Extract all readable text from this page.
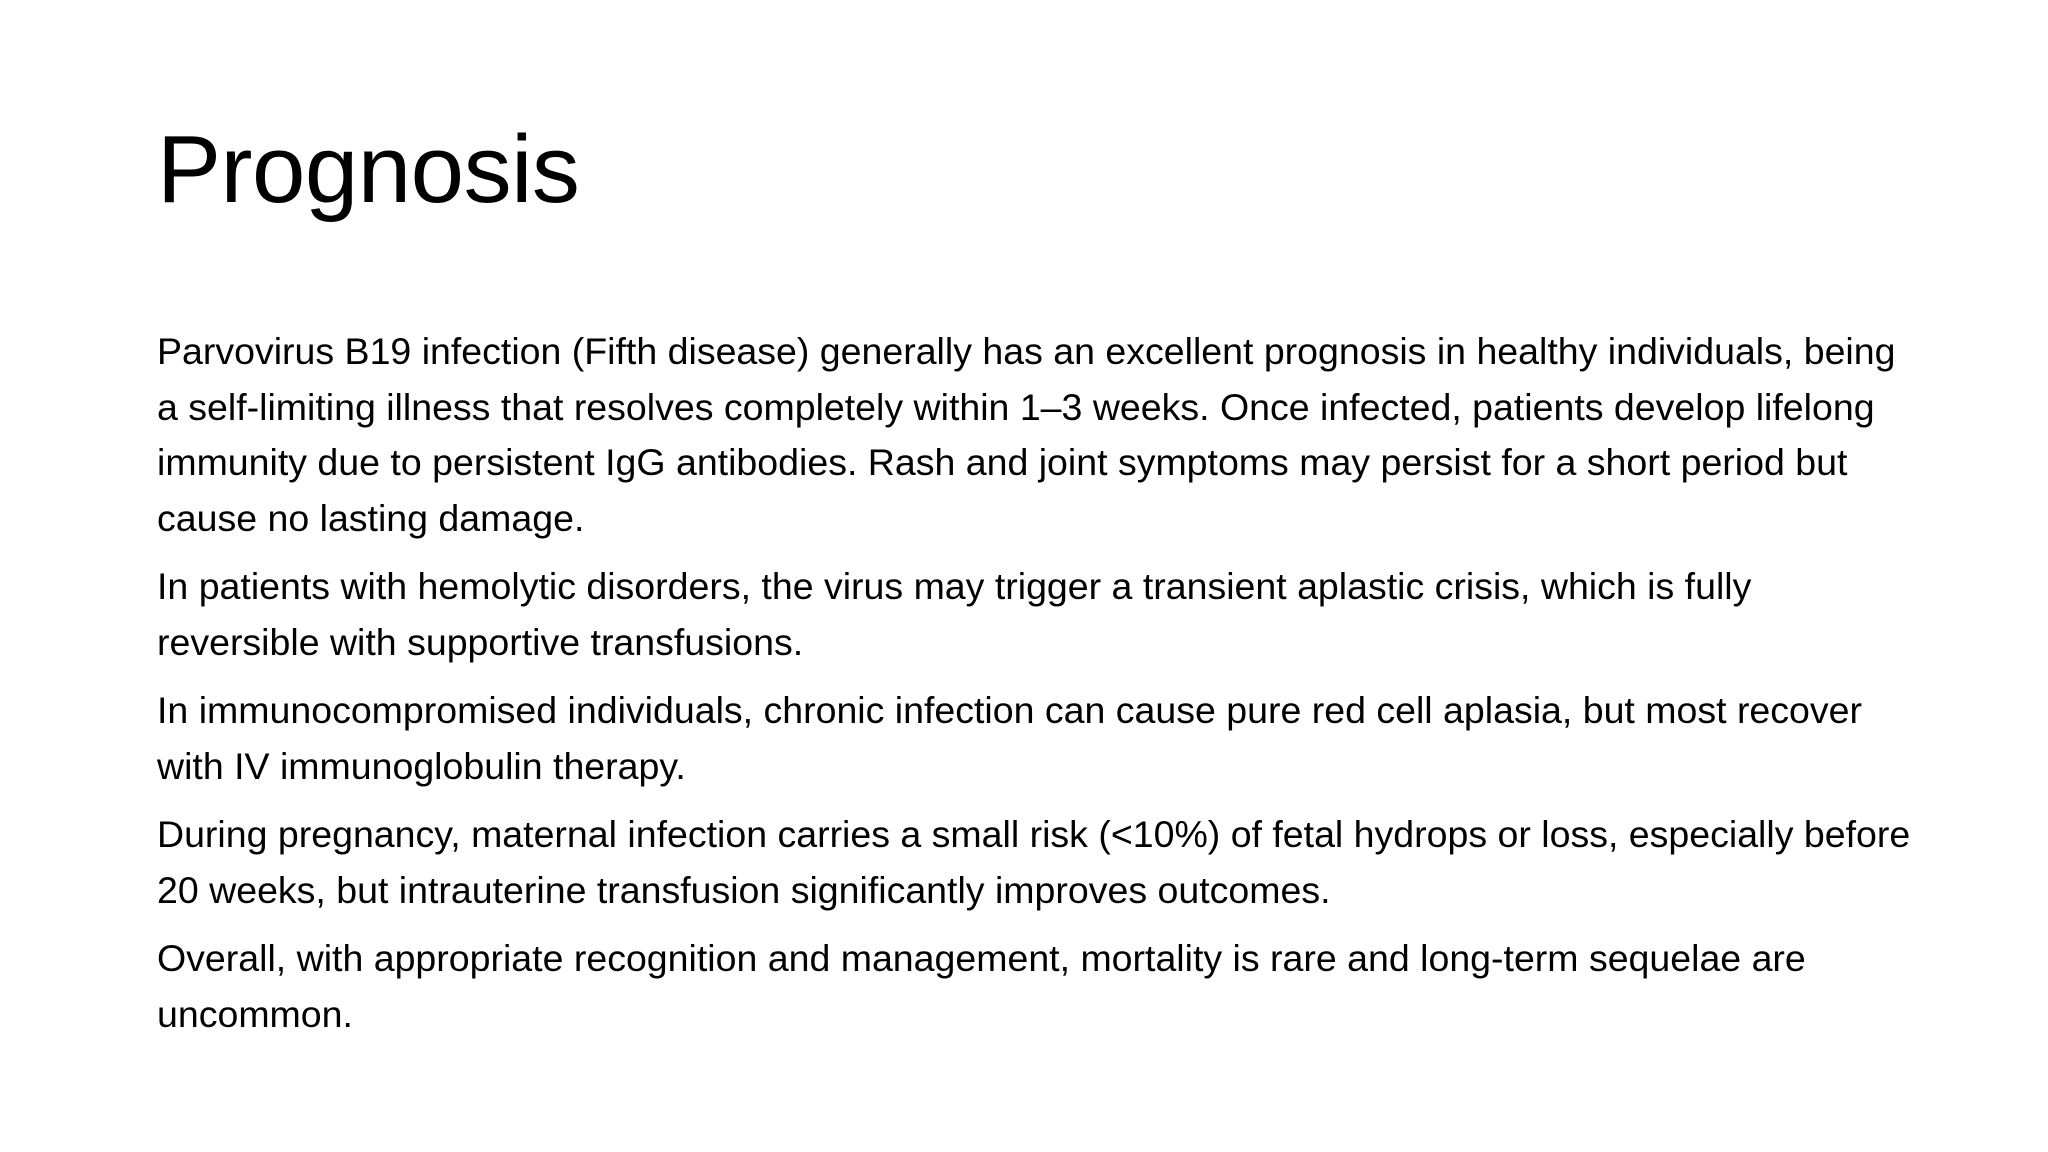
Prognosis

Parvovirus B19 infection (Fifth disease) generally has an excellent prognosis in healthy individuals, being a self-limiting illness that resolves completely within 1–3 weeks. Once infected, patients develop lifelong immunity due to persistent IgG antibodies. Rash and joint symptoms may persist for a short period but cause no lasting damage.

In patients with hemolytic disorders, the virus may trigger a transient aplastic crisis, which is fully reversible with supportive transfusions.

In immunocompromised individuals, chronic infection can cause pure red cell aplasia, but most recover with IV immunoglobulin therapy.

During pregnancy, maternal infection carries a small risk (<10%) of fetal hydrops or loss, especially before 20 weeks, but intrauterine transfusion significantly improves outcomes.

Overall, with appropriate recognition and management, mortality is rare and long-term sequelae are uncommon.
